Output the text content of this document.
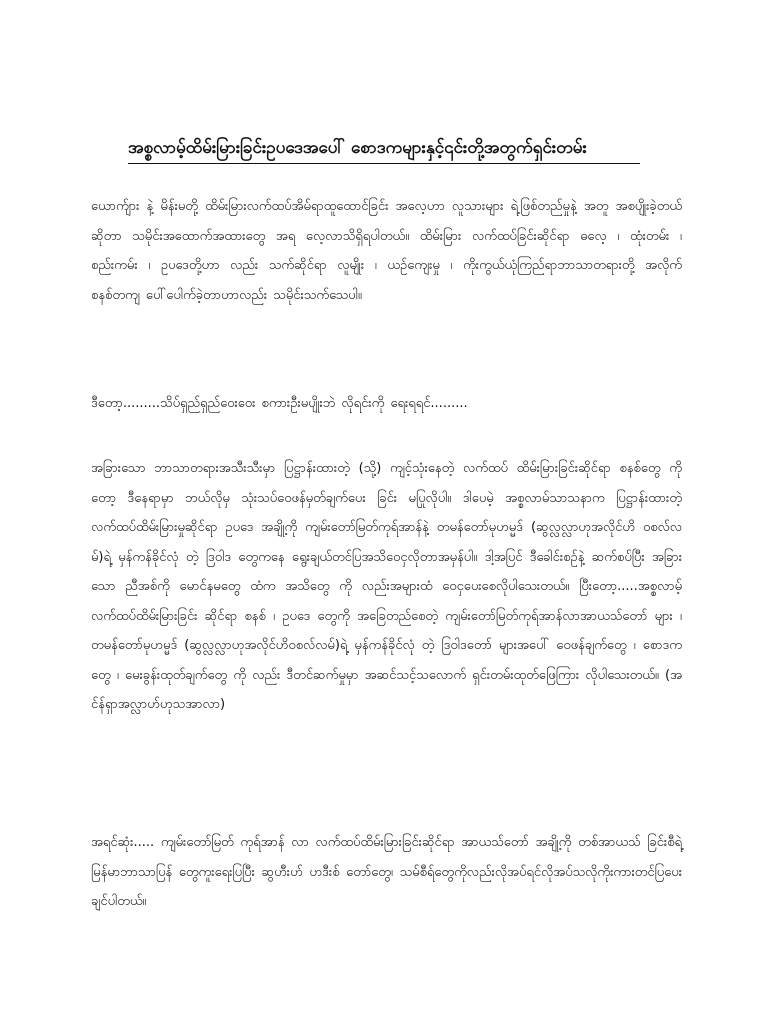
အစ္စလာမ့်ထိမ်းမြားခြင်းဥပဒေအပေါ် စောဒကများနှင့်၎င်းတို့အတွက်ရှင်းတမ်း

ယောက်ျား နဲ့ မိန်းမတို့ ထိမ်းမြားလက်ထပ်အိမ်ရာထူထောင်ခြင်း အလေ့ဟာ လူသားများ ရဲ့ဖြစ်တည်မှုနဲ့ အတူ အစပျိုးခဲ့တယ်ဆိုတာ သမိုင်းအထောက်အထားတွေ အရ လေ့လာသိရှိရပါတယ်။ ထိမ်းမြား လက်ထပ်ခြင်းဆိုင်ရာ ဓလေ့ ၊ ထုံးတမ်း ၊ စည်းကမ်း ၊ ဥပဒေတို့ဟာ လည်း သက်ဆိုင်ရာ လူမျိုး ၊ ယဉ်ကျေးမှု ၊ ကိုးကွယ်ယုံကြည်ရာဘာသာတရားတို့ အလိုက် စနစ်တကျ ပေါ်ပေါက်ခဲ့တာဟာလည်း သမိုင်းသက်သေပါ။

ဒီတော့.........သိပ်ရှည်ရှည်ဝေးဝေး စကားဦးမပျိုးဘဲ လိုရင်းကို ရေးရရင်.........

အခြားသော ဘာသာတရားအသီးသီးမှာ ပြဋ္ဌာန်းထားတဲ့ (သို့) ကျင့်သုံးနေတဲ့ လက်ထပ် ထိမ်းမြားခြင်းဆိုင်ရာ စနစ်တွေ ကို တော့ ဒီနေရာမှာ ဘယ်လိုမှ သုံးသပ်ဝေဖန်မှတ်ချက်ပေး ခြင်း မပြုလိုပါ။ ဒါပေမဲ့ အစ္စလာမ်သာသနာက ပြဋ္ဌာန်းထားတဲ့ လက်ထပ်ထိမ်းမြားမှုဆိုင်ရာ ဥပဒေ အချို့ကို ကျမ်းတော်မြတ်ကုရ်အာန်နဲ့ တမန်တော်မုဟမ္မဒ် (ဆွလ္လလ္လာဟုအလိုင်ဟိ ဝစလ်လမ်)ရဲ့ မှန်ကန်ခိုင်လုံ တဲ့ ဒြဝါဒ တွေကနေ ရွေးချယ်တင်ပြအသိဝေငှလိုတာအမှန်ပါ။ ဒါ့အပြင် ဒီခေါင်းစဉ်နဲ့ ဆက်စပ်ပြီး အခြားသော ညီအစ်ကို မောင်နမတွေ ထံက အသိတွေ ကို လည်းအများထံ ဝေငှပေးစေလိုပါသေးတယ်။ ပြီးတော့.....အစ္စလာမ့် လက်ထပ်ထိမ်းမြားခြင်း ဆိုင်ရာ စနစ် ၊ ဥပဒေ တွေကို အခြေတည်စေတဲ့ ကျမ်းတော်မြတ်ကုရ်အာန်လာအာယသ်တော် များ ၊ တမန်တော်မုဟမ္မဒ် (ဆွလ္လလ္လာဟုအလိုင်ဟိဝစလ်လမ်)ရဲ့ မှန်ကန်ခိုင်လုံ တဲ့ ဒြဝါဒတော် များအပေါ် ဝေဖန်ချက်တွေ ၊ စောဒက တွေ ၊ မေးခွန်းထုတ်ချက်တွေ ကို လည်း ဒီတင်ဆက်မှုမှာ အဆင်သင့်သလောက် ရှင်းတမ်းထုတ်ဖြေကြား လိုပါသေးတယ်။ (အင်န်ရှာအလ္လာဟ်ဟုသအာလာ)

အရင်ဆုံး..... ကျမ်းတော်မြတ် ကုရ်အာန် လာ လက်ထပ်ထိမ်းမြားခြင်းဆိုင်ရာ အာယသ်တော် အချို့ကို တစ်အာယသ် ခြင်းစီရဲ့ မြန်မာဘာသာပြန် တွေကူးရေးပြပြီး ဆွဟီးဟ် ဟဒီးစ် တော်တွေ၊ သမ်စီရ်တွေကိုလည်းလိုအပ်ရင်လိုအပ်သလိုကိုးကားတင်ပြပေးချင်ပါတယ်။
